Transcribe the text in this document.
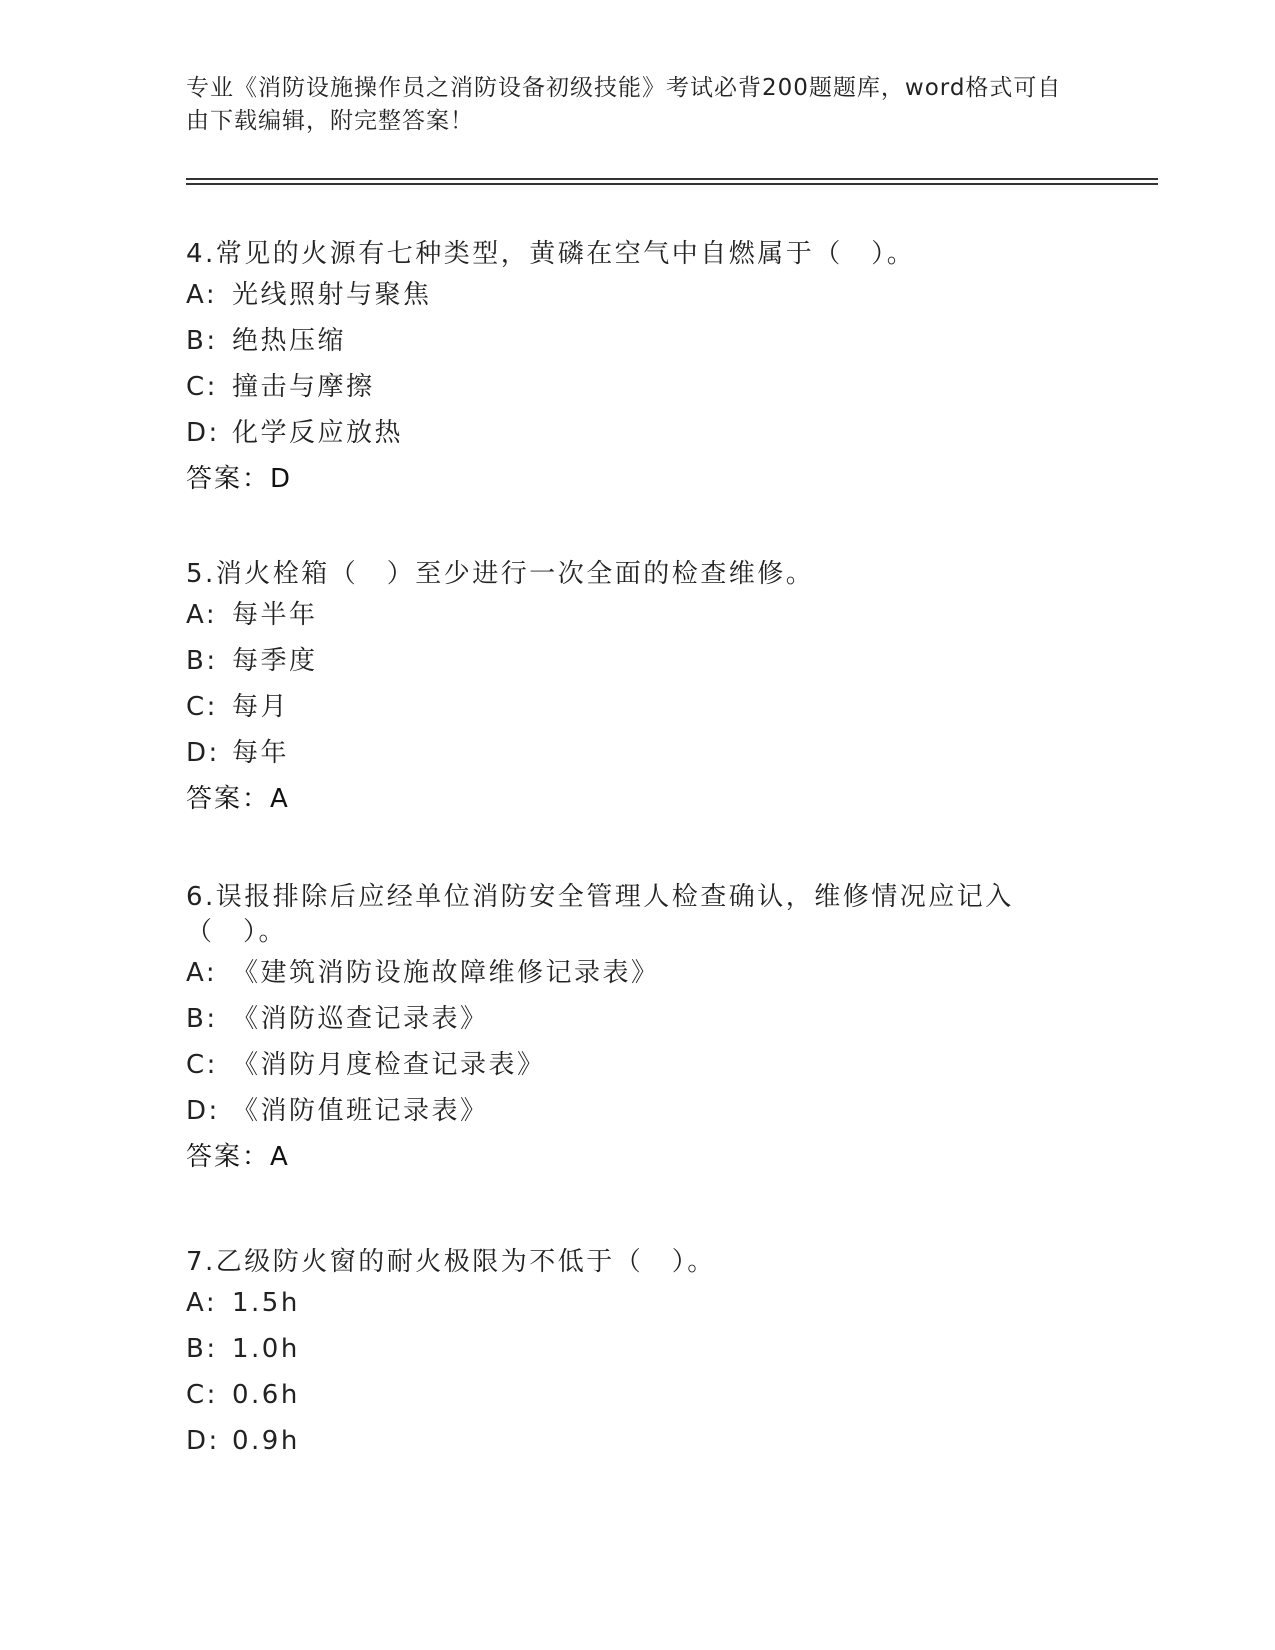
专业《消防设施操作员之消防设备初级技能》考试必背200题题库，word格式可自由下载编辑，附完整答案！

4.常见的火源有七种类型，黄磷在空气中自燃属于（　）。

A: 光线照射与聚焦

B: 绝热压缩

C: 撞击与摩擦

D: 化学反应放热

答案：D

5.消火栓箱（　）至少进行一次全面的检查维修。

A: 每半年

B: 每季度

C: 每月

D: 每年

答案：A

6.误报排除后应经单位消防安全管理人检查确认，维修情况应记入（　）。

A: 《建筑消防设施故障维修记录表》

B: 《消防巡查记录表》

C: 《消防月度检查记录表》

D: 《消防值班记录表》

答案：A

7.乙级防火窗的耐火极限为不低于（　）。

A: 1.5h

B: 1.0h

C: 0.6h

D: 0.9h
